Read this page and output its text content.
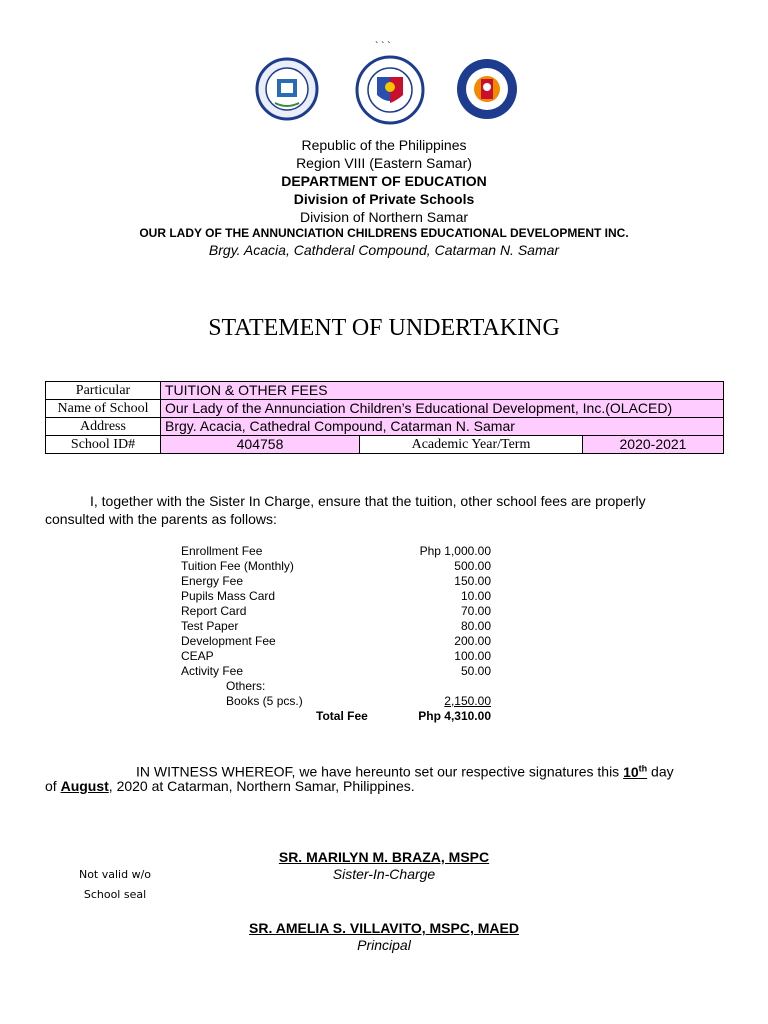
` ` `
Republic of the Philippines
Region VIII (Eastern Samar)
DEPARTMENT OF EDUCATION
Division of Private Schools
Division of Northern Samar
OUR LADY OF THE ANNUNCIATION CHILDRENS EDUCATIONAL DEVELOPMENT INC.
Brgy. Acacia, Cathderal Compound, Catarman N. Samar
STATEMENT OF UNDERTAKING
Particular	TUITION & OTHER FEES		
Name of School	Our Lady of the Annunciation Children’s Educational Development, Inc.(OLACED)		
Address	Brgy. Acacia, Cathedral Compound, Catarman N. Samar		
School ID#	404758	Academic Year/Term	2020-2021
I, together with the Sister In Charge, ensure that the tuition, other school fees are properly
consulted with the parents as follows:
Enrollment Fee	Php 1,000.00
Tuition Fee (Monthly)	500.00
Energy Fee	150.00
Pupils Mass Card	10.00
Report Card	70.00
Test Paper	80.00
Development Fee	200.00
CEAP	100.00
Activity Fee	50.00
Others:
Books (5 pcs.)	2,150.00
Total Fee	Php 4,310.00
IN WITNESS WHEREOF, we have hereunto set our respective signatures this 10th day
of August, 2020 at Catarman, Northern Samar, Philippines.
Not valid w/o
School seal
SR. MARILYN M. BRAZA, MSPC
Sister-In-Charge
SR. AMELIA S. VILLAVITO, MSPC, MAED
Principal
